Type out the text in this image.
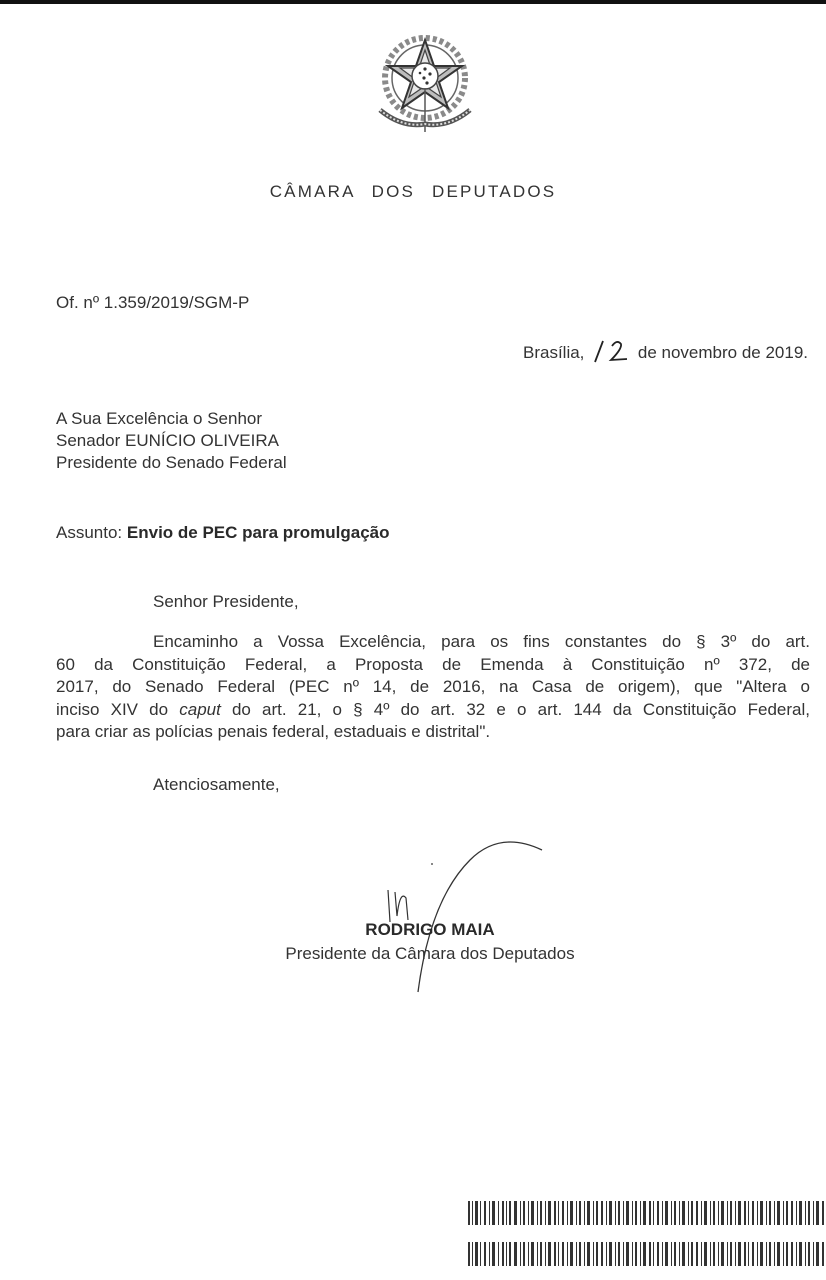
CÂMARA DOS DEPUTADOS
Of. nº 1.359/2019/SGM-P
Brasília,	de novembro de 2019.
A Sua Excelência o Senhor
Senador EUNÍCIO OLIVEIRA
Presidente do Senado Federal
Assunto: Envio de PEC para promulgação
Senhor Presidente,
Encaminho a Vossa Excelência, para os fins constantes do § 3º do art.
60 da Constituição Federal, a Proposta de Emenda à Constituição nº 372, de
2017, do Senado Federal (PEC nº 14, de 2016, na Casa de origem), que "Altera o
inciso XIV do caput do art. 21, o § 4º do art. 32 e o art. 144 da Constituição Federal,
para criar as polícias penais federal, estaduais e distrital".
Atenciosamente,
RODRIGO MAIA
Presidente da Câmara dos Deputados
